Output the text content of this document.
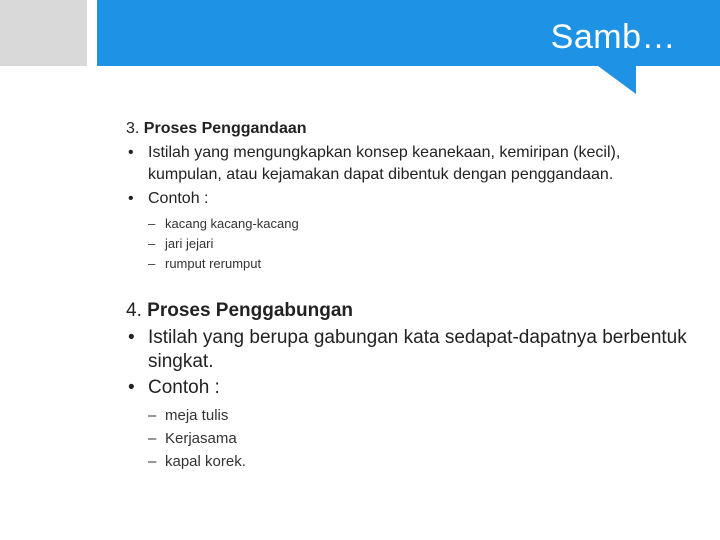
Samb…

3. Proses Penggandaan

• Istilah yang mengungkapkan konsep keanekaan, kemiripan (kecil), kumpulan, atau kejamakan dapat dibentuk dengan penggandaan.
• Contoh :
– kacang kacang-kacang
– jari jejari
– rumput rerumput

4. Proses Penggabungan

• Istilah yang berupa gabungan kata sedapat-dapatnya berbentuk singkat.
• Contoh :
– meja tulis
– Kerjasama
– kapal korek.
